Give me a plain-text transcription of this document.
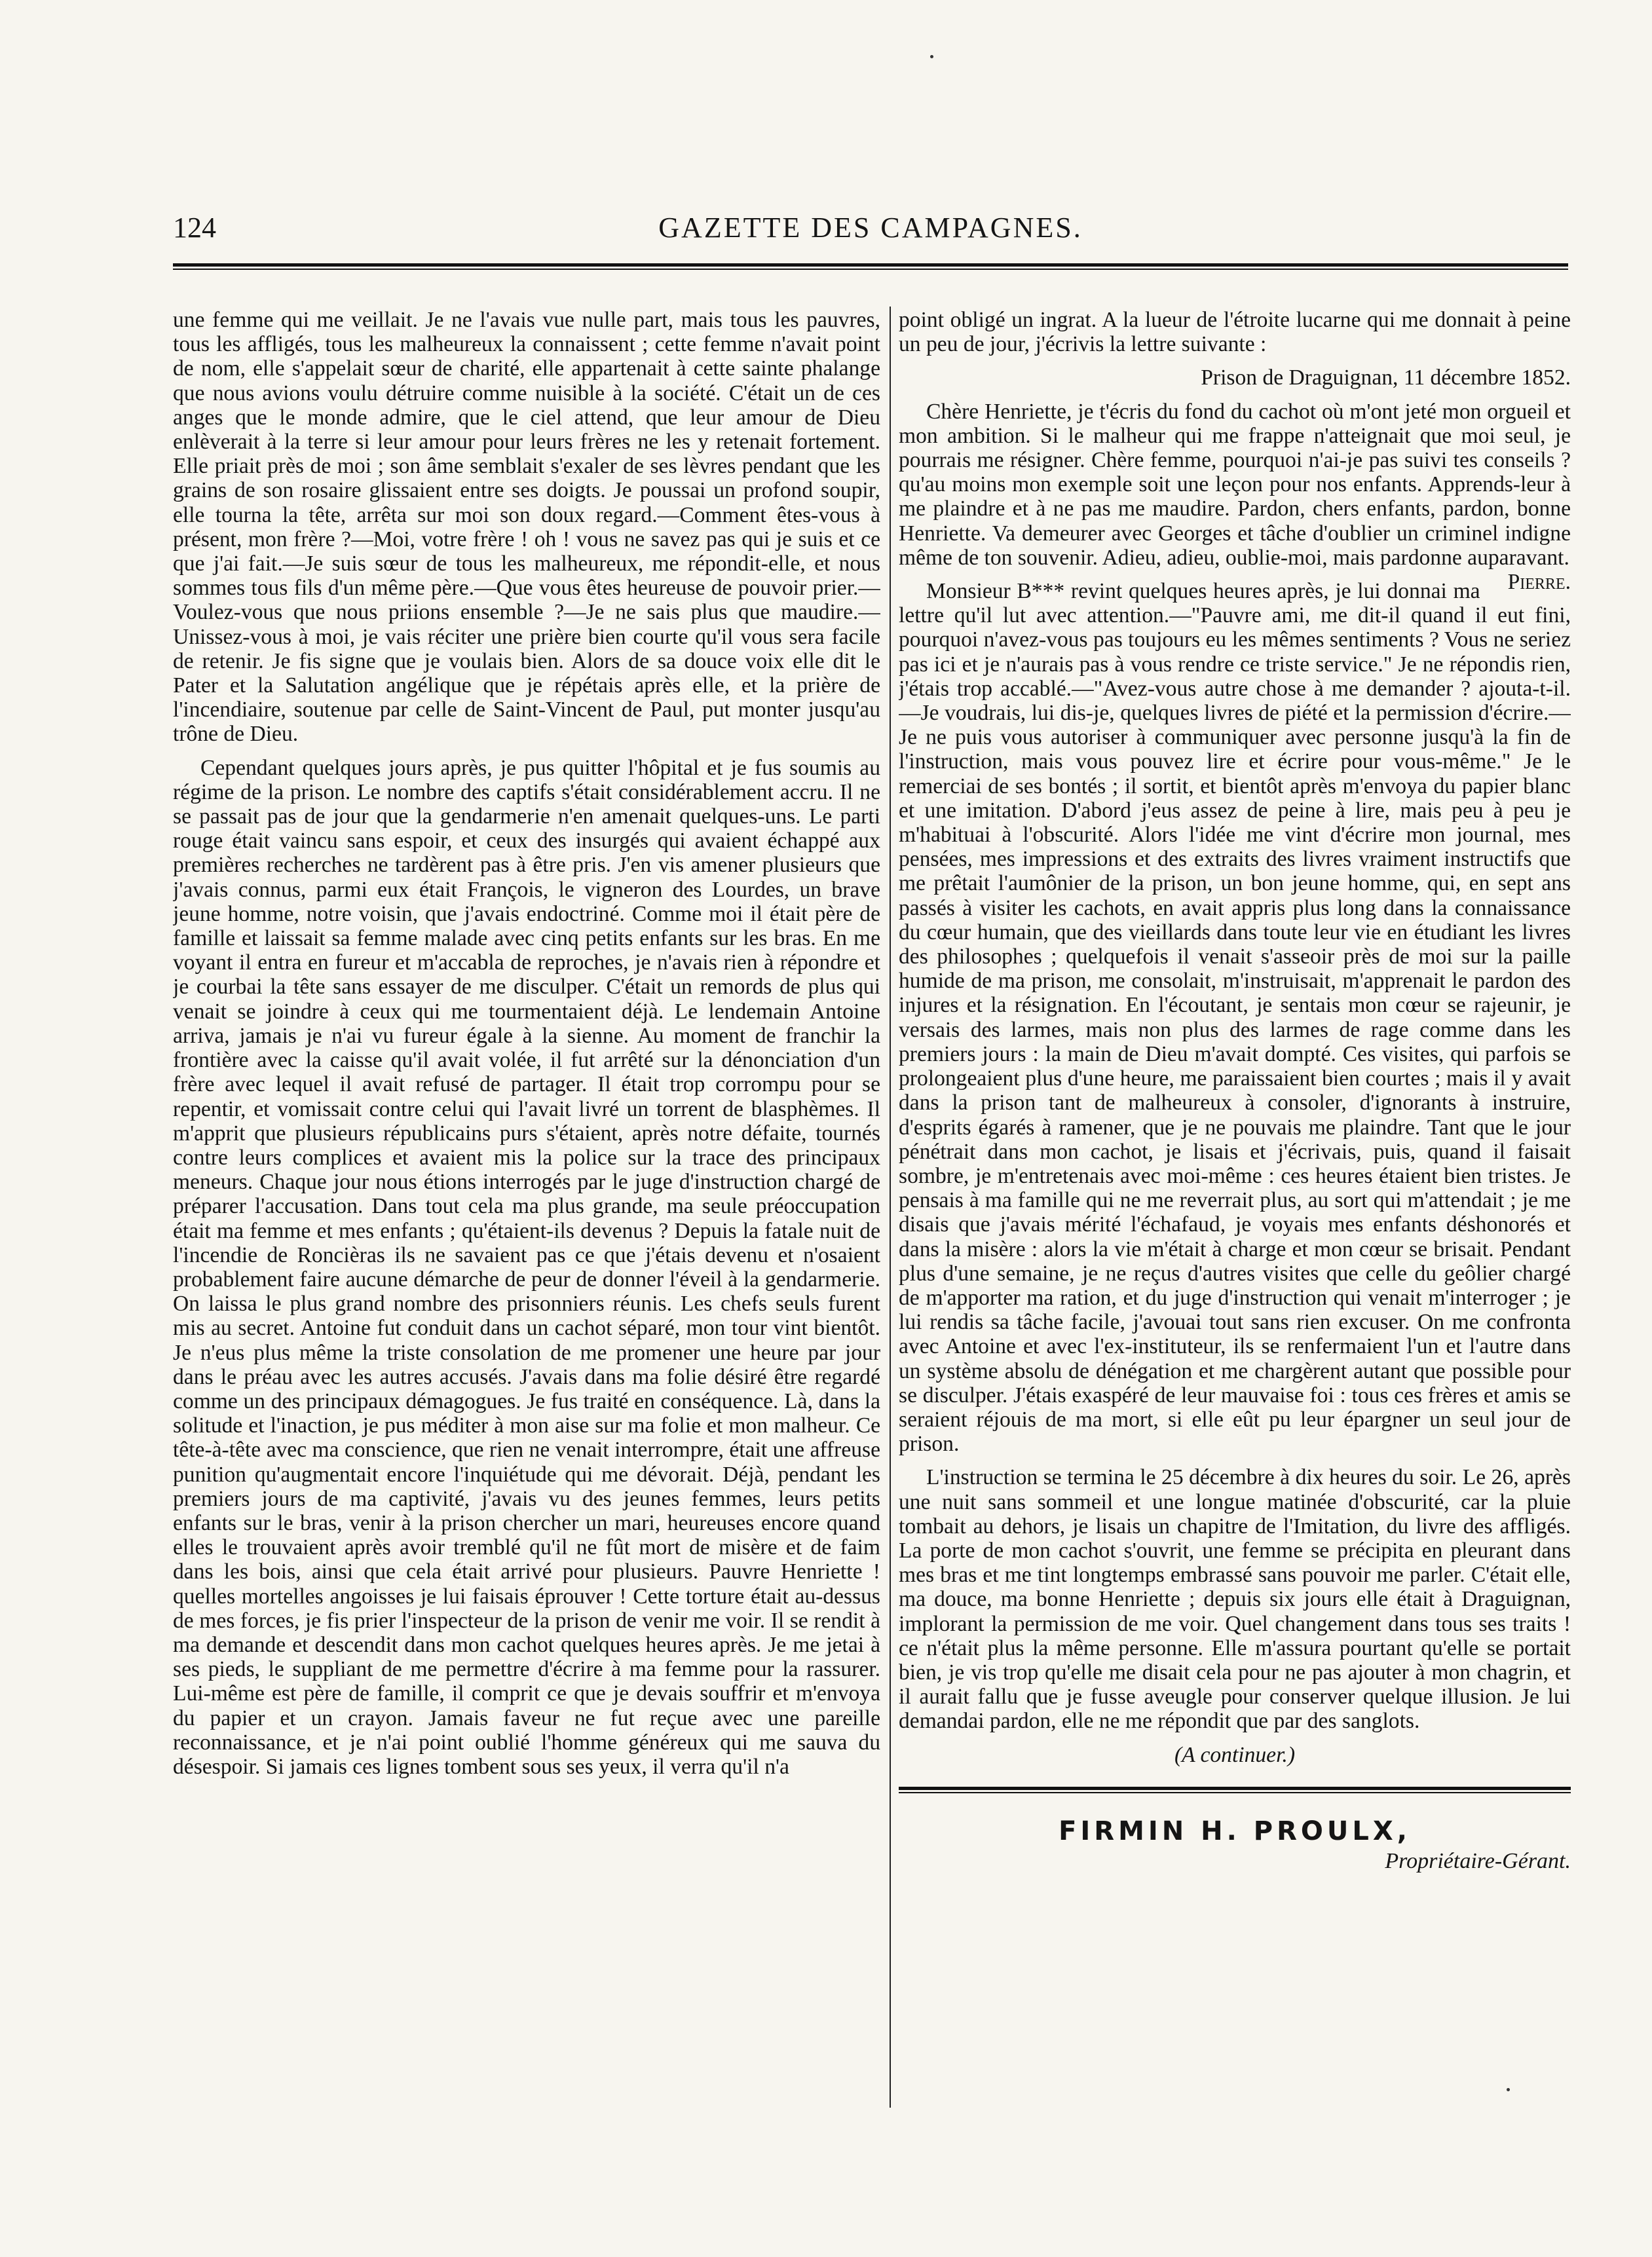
124	GAZETTE DES CAMPAGNES.

une femme qui me veillait. Je ne l'avais vue nulle part, mais tous les pauvres, tous les affligés, tous les malheureux la connaissent ; cette femme n'avait point de nom, elle s'appelait sœur de charité, elle appartenait à cette sainte phalange que nous avions voulu détruire comme nuisible à la société. C'était un de ces anges que le monde admire, que le ciel attend, que leur amour de Dieu enlèverait à la terre si leur amour pour leurs frères ne les y retenait fortement. Elle priait près de moi ; son âme semblait s'exaler de ses lèvres pendant que les grains de son rosaire glissaient entre ses doigts. Je poussai un profond soupir, elle tourna la tête, arrêta sur moi son doux regard.—Comment êtes-vous à présent, mon frère ?—Moi, votre frère ! oh ! vous ne savez pas qui je suis et ce que j'ai fait.—Je suis sœur de tous les malheureux, me répondit-elle, et nous sommes tous fils d'un même père.—Que vous êtes heureuse de pouvoir prier.—Voulez-vous que nous priions ensemble ?—Je ne sais plus que maudire.—Unissez-vous à moi, je vais réciter une prière bien courte qu'il vous sera facile de retenir. Je fis signe que je voulais bien. Alors de sa douce voix elle dit le Pater et la Salutation angélique que je répétais après elle, et la prière de l'incendiaire, soutenue par celle de Saint-Vincent de Paul, put monter jusqu'au trône de Dieu.

Cependant quelques jours après, je pus quitter l'hôpital et je fus soumis au régime de la prison. Le nombre des captifs s'était considérablement accru. Il ne se passait pas de jour que la gendarmerie n'en amenait quelques-uns. Le parti rouge était vaincu sans espoir, et ceux des insurgés qui avaient échappé aux premières recherches ne tardèrent pas à être pris. J'en vis amener plusieurs que j'avais connus, parmi eux était François, le vigneron des Lourdes, un brave jeune homme, notre voisin, que j'avais endoctriné. Comme moi il était père de famille et laissait sa femme malade avec cinq petits enfants sur les bras. En me voyant il entra en fureur et m'accabla de reproches, je n'avais rien à répondre et je courbai la tête sans essayer de me disculper. C'était un remords de plus qui venait se joindre à ceux qui me tourmentaient déjà. Le lendemain Antoine arriva, jamais je n'ai vu fureur égale à la sienne. Au moment de franchir la frontière avec la caisse qu'il avait volée, il fut arrêté sur la dénonciation d'un frère avec lequel il avait refusé de partager. Il était trop corrompu pour se repentir, et vomissait contre celui qui l'avait livré un torrent de blasphèmes. Il m'apprit que plusieurs républicains purs s'étaient, après notre défaite, tournés contre leurs complices et avaient mis la police sur la trace des principaux meneurs. Chaque jour nous étions interrogés par le juge d'instruction chargé de préparer l'accusation. Dans tout cela ma plus grande, ma seule préoccupation était ma femme et mes enfants ; qu'étaient-ils devenus ? Depuis la fatale nuit de l'incendie de Roncièras ils ne savaient pas ce que j'étais devenu et n'osaient probablement faire aucune démarche de peur de donner l'éveil à la gendarmerie. On laissa le plus grand nombre des prisonniers réunis. Les chefs seuls furent mis au secret. Antoine fut conduit dans un cachot séparé, mon tour vint bientôt. Je n'eus plus même la triste consolation de me promener une heure par jour dans le préau avec les autres accusés. J'avais dans ma folie désiré être regardé comme un des principaux démagogues. Je fus traité en conséquence. Là, dans la solitude et l'inaction, je pus méditer à mon aise sur ma folie et mon malheur. Ce tête-à-tête avec ma conscience, que rien ne venait interrompre, était une affreuse punition qu'augmentait encore l'inquiétude qui me dévorait. Déjà, pendant les premiers jours de ma captivité, j'avais vu des jeunes femmes, leurs petits enfants sur le bras, venir à la prison chercher un mari, heureuses encore quand elles le trouvaient après avoir tremblé qu'il ne fût mort de misère et de faim dans les bois, ainsi que cela était arrivé pour plusieurs. Pauvre Henriette ! quelles mortelles angoisses je lui faisais éprouver ! Cette torture était au-dessus de mes forces, je fis prier l'inspecteur de la prison de venir me voir. Il se rendit à ma demande et descendit dans mon cachot quelques heures après. Je me jetai à ses pieds, le suppliant de me permettre d'écrire à ma femme pour la rassurer. Lui-même est père de famille, il comprit ce que je devais souffrir et m'envoya du papier et un crayon. Jamais faveur ne fut reçue avec une pareille reconnaissance, et je n'ai point oublié l'homme généreux qui me sauva du désespoir. Si jamais ces lignes tombent sous ses yeux, il verra qu'il n'a

point obligé un ingrat. A la lueur de l'étroite lucarne qui me donnait à peine un peu de jour, j'écrivis la lettre suivante :

Prison de Draguignan, 11 décembre 1852.

Chère Henriette, je t'écris du fond du cachot où m'ont jeté mon orgueil et mon ambition. Si le malheur qui me frappe n'atteignait que moi seul, je pourrais me résigner. Chère femme, pourquoi n'ai-je pas suivi tes conseils ? qu'au moins mon exemple soit une leçon pour nos enfants. Apprends-leur à me plaindre et à ne pas me maudire. Pardon, chers enfants, pardon, bonne Henriette. Va demeurer avec Georges et tâche d'oublier un criminel indigne même de ton souvenir. Adieu, adieu, oublie-moi, mais pardonne auparavant.
Pierre.

Monsieur B*** revint quelques heures après, je lui donnai ma lettre qu'il lut avec attention.—"Pauvre ami, me dit-il quand il eut fini, pourquoi n'avez-vous pas toujours eu les mêmes sentiments ? Vous ne seriez pas ici et je n'aurais pas à vous rendre ce triste service." Je ne répondis rien, j'étais trop accablé.—"Avez-vous autre chose à me demander ? ajouta-t-il.—Je voudrais, lui dis-je, quelques livres de piété et la permission d'écrire.—Je ne puis vous autoriser à communiquer avec personne jusqu'à la fin de l'instruction, mais vous pouvez lire et écrire pour vous-même." Je le remerciai de ses bontés ; il sortit, et bientôt après m'envoya du papier blanc et une imitation. D'abord j'eus assez de peine à lire, mais peu à peu je m'habituai à l'obscurité. Alors l'idée me vint d'écrire mon journal, mes pensées, mes impressions et des extraits des livres vraiment instructifs que me prêtait l'aumônier de la prison, un bon jeune homme, qui, en sept ans passés à visiter les cachots, en avait appris plus long dans la connaissance du cœur humain, que des vieillards dans toute leur vie en étudiant les livres des philosophes ; quelquefois il venait s'asseoir près de moi sur la paille humide de ma prison, me consolait, m'instruisait, m'apprenait le pardon des injures et la résignation. En l'écoutant, je sentais mon cœur se rajeunir, je versais des larmes, mais non plus des larmes de rage comme dans les premiers jours : la main de Dieu m'avait dompté. Ces visites, qui parfois se prolongeaient plus d'une heure, me paraissaient bien courtes ; mais il y avait dans la prison tant de malheureux à consoler, d'ignorants à instruire, d'esprits égarés à ramener, que je ne pouvais me plaindre. Tant que le jour pénétrait dans mon cachot, je lisais et j'écrivais, puis, quand il faisait sombre, je m'entretenais avec moi-même : ces heures étaient bien tristes. Je pensais à ma famille qui ne me reverrait plus, au sort qui m'attendait ; je me disais que j'avais mérité l'échafaud, je voyais mes enfants déshonorés et dans la misère : alors la vie m'était à charge et mon cœur se brisait. Pendant plus d'une semaine, je ne reçus d'autres visites que celle du geôlier chargé de m'apporter ma ration, et du juge d'instruction qui venait m'interroger ; je lui rendis sa tâche facile, j'avouai tout sans rien excuser. On me confronta avec Antoine et avec l'ex-instituteur, ils se renfermaient l'un et l'autre dans un système absolu de dénégation et me chargèrent autant que possible pour se disculper. J'étais exaspéré de leur mauvaise foi : tous ces frères et amis se seraient réjouis de ma mort, si elle eût pu leur épargner un seul jour de prison.

L'instruction se termina le 25 décembre à dix heures du soir. Le 26, après une nuit sans sommeil et une longue matinée d'obscurité, car la pluie tombait au dehors, je lisais un chapitre de l'Imitation, du livre des affligés. La porte de mon cachot s'ouvrit, une femme se précipita en pleurant dans mes bras et me tint longtemps embrassé sans pouvoir me parler. C'était elle, ma douce, ma bonne Henriette ; depuis six jours elle était à Draguignan, implorant la permission de me voir. Quel changement dans tous ses traits ! ce n'était plus la même personne. Elle m'assura pourtant qu'elle se portait bien, je vis trop qu'elle me disait cela pour ne pas ajouter à mon chagrin, et il aurait fallu que je fusse aveugle pour conserver quelque illusion. Je lui demandai pardon, elle ne me répondit que par des sanglots.

(A continuer.)

FIRMIN H. PROULX,
Propriétaire-Gérant.
